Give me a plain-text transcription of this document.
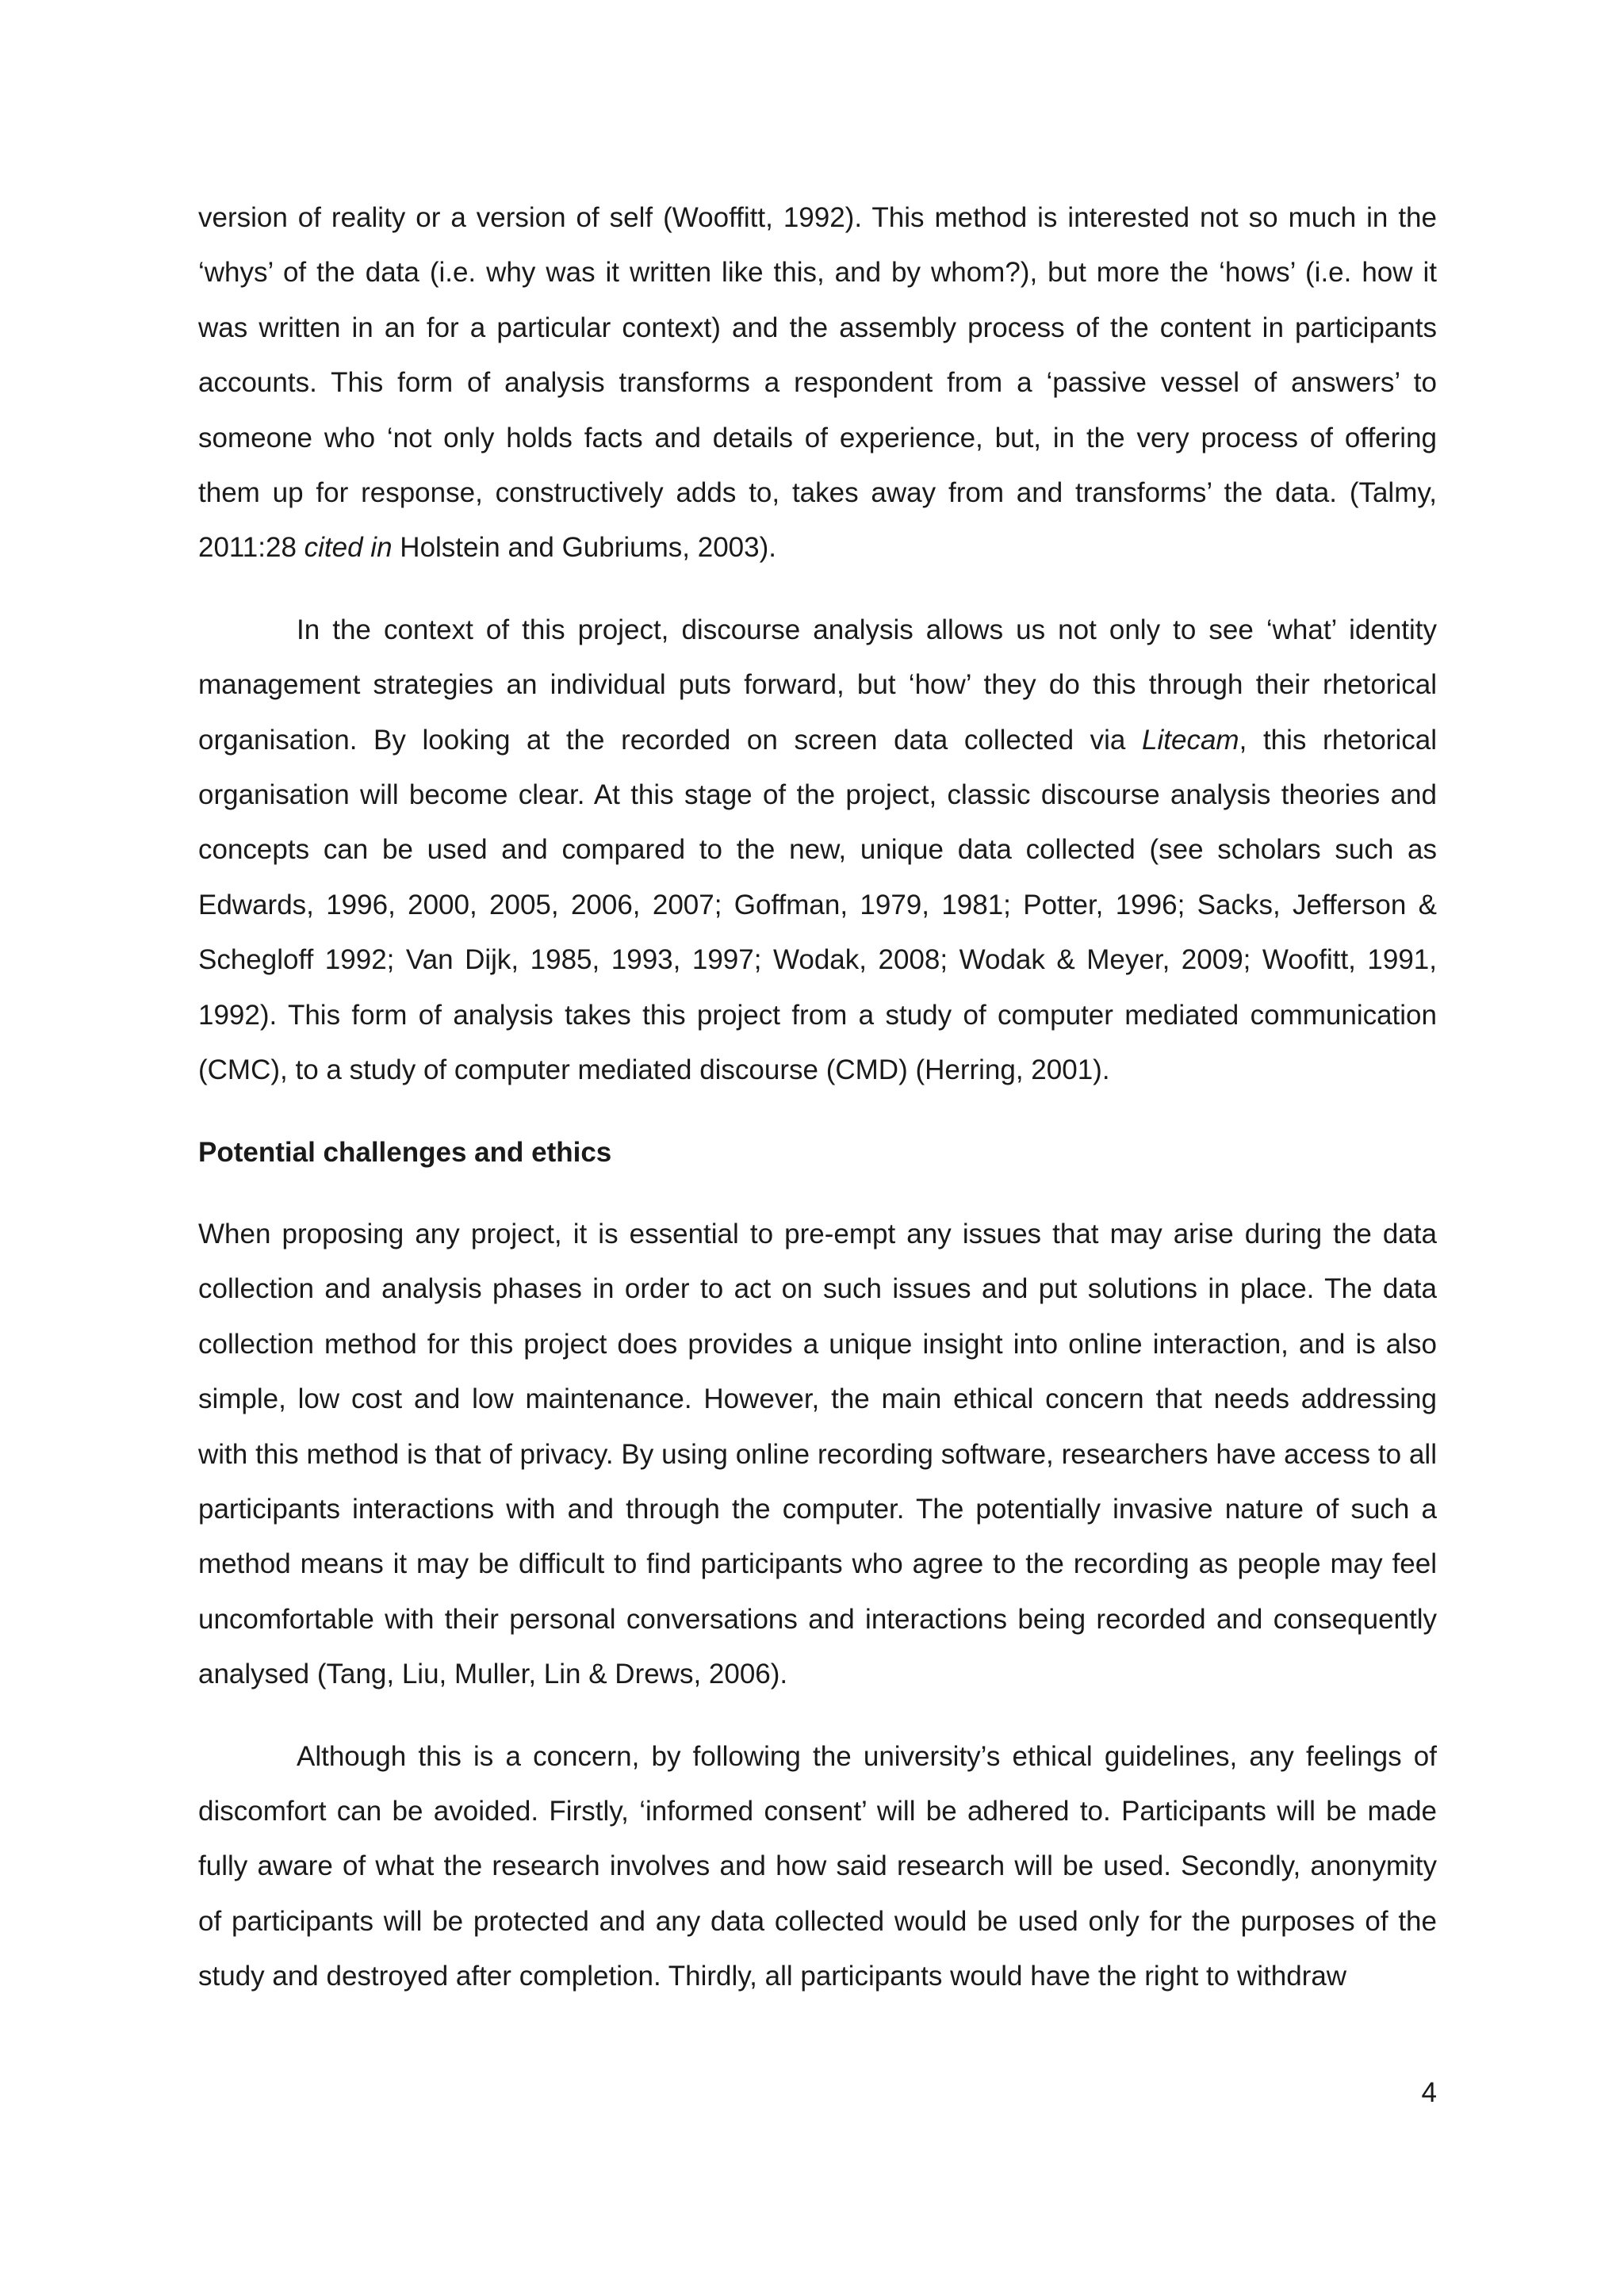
version of reality or a version of self (Wooffitt, 1992). This method is interested not so much in the ‘whys’ of the data (i.e. why was it written like this, and by whom?), but more the ‘hows’ (i.e. how it was written in an for a particular context) and the assembly process of the content in participants accounts. This form of analysis transforms a respondent from a ‘passive vessel of answers’ to someone who ‘not only holds facts and details of experience, but, in the very process of offering them up for response, constructively adds to, takes away from and transforms’ the data. (Talmy, 2011:28 cited in Holstein and Gubriums, 2003).

In the context of this project, discourse analysis allows us not only to see ‘what’ identity management strategies an individual puts forward, but ‘how’ they do this through their rhetorical organisation. By looking at the recorded on screen data collected via Litecam, this rhetorical organisation will become clear. At this stage of the project, classic discourse analysis theories and concepts can be used and compared to the new, unique data collected (see scholars such as Edwards, 1996, 2000, 2005, 2006, 2007; Goffman, 1979, 1981; Potter, 1996; Sacks, Jefferson & Schegloff 1992; Van Dijk, 1985, 1993, 1997; Wodak, 2008; Wodak & Meyer, 2009; Woofitt, 1991, 1992). This form of analysis takes this project from a study of computer mediated communication (CMC), to a study of computer mediated discourse (CMD) (Herring, 2001).

Potential challenges and ethics

When proposing any project, it is essential to pre-empt any issues that may arise during the data collection and analysis phases in order to act on such issues and put solutions in place. The data collection method for this project does provides a unique insight into online interaction, and is also simple, low cost and low maintenance. However, the main ethical concern that needs addressing with this method is that of privacy. By using online recording software, researchers have access to all participants interactions with and through the computer. The potentially invasive nature of such a method means it may be difficult to find participants who agree to the recording as people may feel uncomfortable with their personal conversations and interactions being recorded and consequently analysed (Tang, Liu, Muller, Lin & Drews, 2006).

Although this is a concern, by following the university’s ethical guidelines, any feelings of discomfort can be avoided. Firstly, ‘informed consent’ will be adhered to. Participants will be made fully aware of what the research involves and how said research will be used. Secondly, anonymity of participants will be protected and any data collected would be used only for the purposes of the study and destroyed after completion. Thirdly, all participants would have the right to withdraw

4
